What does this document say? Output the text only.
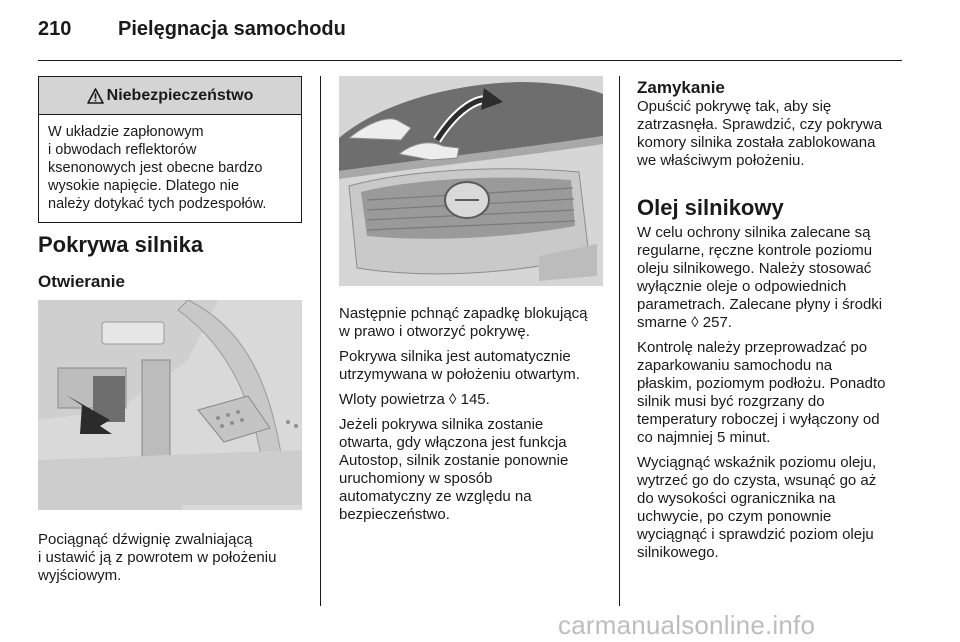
210 Pielęgnacja samochodu
Niebezpieczeństwo
W układzie zapłonowym
i obwodach reflektorów
ksenonowych jest obecne bardzo
wysokie napięcie. Dlatego nie
należy dotykać tych podzespołów.
Pokrywa silnika
Otwieranie
Pociągnąć dźwignię zwalniającą
i ustawić ją z powrotem w położeniu
wyjściowym.

Następnie pchnąć zapadkę blokującą
w prawo i otworzyć pokrywę.

Pokrywa silnika jest automatycznie
utrzymywana w położeniu otwartym.

Wloty powietrza ◊ 145.

Jeżeli pokrywa silnika zostanie
otwarta, gdy włączona jest funkcja
Autostop, silnik zostanie ponownie
uruchomiony w sposób
automatyczny ze względu na
bezpieczeństwo.

Zamykanie
Opuścić pokrywę tak, aby się
zatrzasnęła. Sprawdzić, czy pokrywa
komory silnika została zablokowana
we właściwym położeniu.
Olej silnikowy

W celu ochrony silnika zalecane są
regularne, ręczne kontrole poziomu
oleju silnikowego. Należy stosować
wyłącznie oleje o odpowiednich
parametrach. Zalecane płyny i środki
smarne ◊ 257.

Kontrolę należy przeprowadzać po
zaparkowaniu samochodu na
płaskim, poziomym podłożu. Ponadto
silnik musi być rozgrzany do
temperatury roboczej i wyłączony od
co najmniej 5 minut.

Wyciągnąć wskaźnik poziomu oleju,
wytrzeć go do czysta, wsunąć go aż
do wysokości ogranicznika na
uchwycie, po czym ponownie
wyciągnąć i sprawdzić poziom oleju
silnikowego.

carmanualsonline.info
